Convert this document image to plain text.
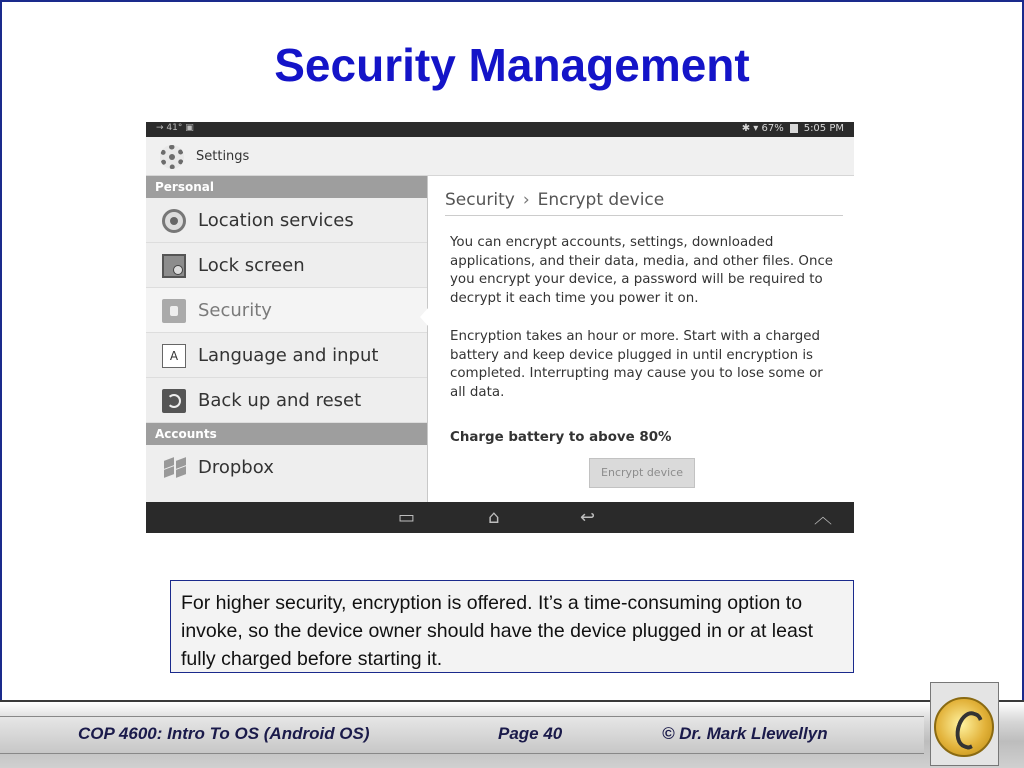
Security Management
→ 41° ▣	✱ ▾ 67% 5:05 PM
Settings
Personal
Location services
Lock screen
Security
A	Language and input
Back up and reset
Accounts
Dropbox
Security › Encrypt device

You can encrypt accounts, settings, downloaded applications, and their data, media, and other files. Once you encrypt your device, a password will be required to decrypt it each time you power it on.

Encryption takes an hour or more. Start with a charged battery and keep device plugged in until encryption is completed. Interrupting may cause you to lose some or all data.

Charge battery to above 80%
Encrypt device
▭	⌂	↩	︿
For higher security, encryption is offered. It’s a time-consuming option to invoke, so the device owner should have the device plugged in or at least fully charged before starting it.
COP 4600: Intro To OS (Android OS)	Page 40	© Dr. Mark Llewellyn
